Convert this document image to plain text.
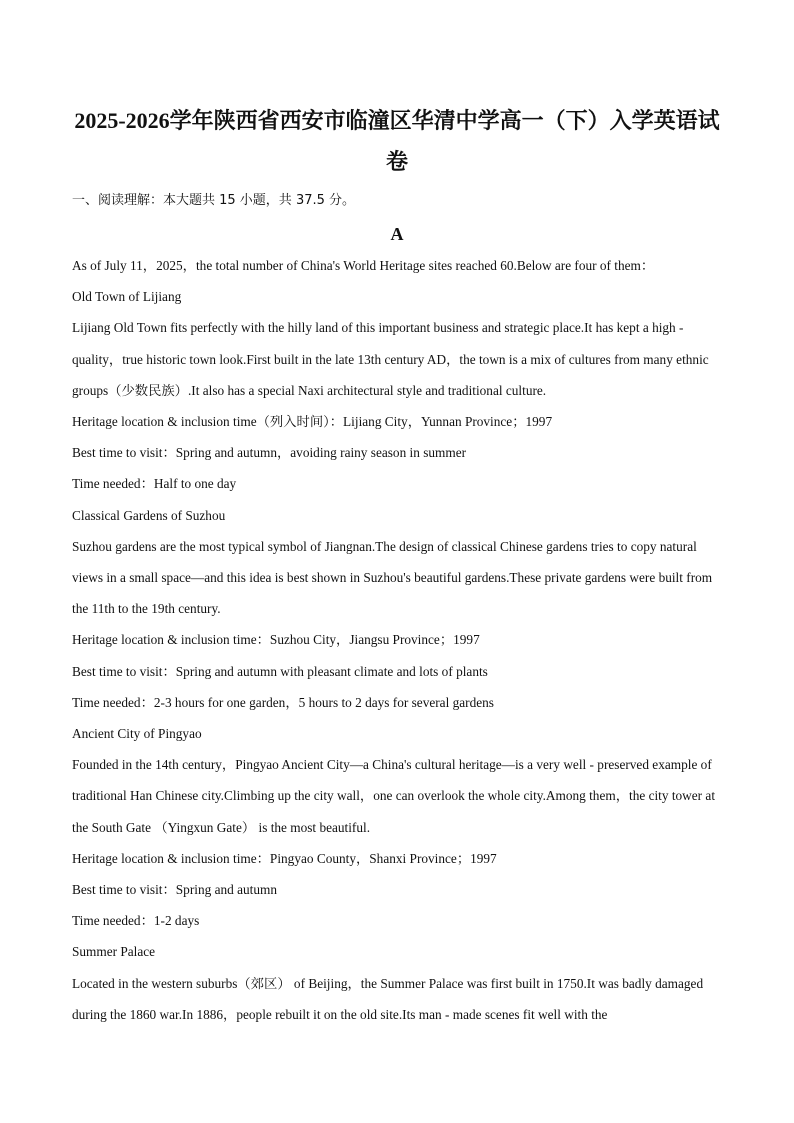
2025-2026学年陕西省西安市临潼区华清中学高一（下）入学英语试
卷
一、阅读理解：本大题共 15 小题，共 37.5 分。
A

As of July 11，2025，the total number of China's World Heritage sites reached 60.Below are four of them：

Old Town of Lijiang

Lijiang Old Town fits perfectly with the hilly land of this important business and strategic place.It has kept a high - quality，true historic town look.First built in the late 13th century AD，the town is a mix of cultures from many ethnic groups（少数民族）.It also has a special Naxi architectural style and traditional culture.

Heritage location & inclusion time（列入时间）：Lijiang City，Yunnan Province；1997

Best time to visit：Spring and autumn，avoiding rainy season in summer

Time needed：Half to one day

Classical Gardens of Suzhou

Suzhou gardens are the most typical symbol of Jiangnan.The design of classical Chinese gardens tries to copy natural views in a small space—and this idea is best shown in Suzhou's beautiful gardens.These private gardens were built from the 11th to the 19th century.

Heritage location & inclusion time：Suzhou City，Jiangsu Province；1997

Best time to visit：Spring and autumn with pleasant climate and lots of plants

Time needed：2-3 hours for one garden，5 hours to 2 days for several gardens

Ancient City of Pingyao

Founded in the 14th century，Pingyao Ancient City—a China's cultural heritage—is a very well - preserved example of traditional Han Chinese city.Climbing up the city wall，one can overlook the whole city.Among them，the city tower at the South Gate （Yingxun Gate） is the most beautiful.

Heritage location & inclusion time：Pingyao County，Shanxi Province；1997

Best time to visit：Spring and autumn

Time needed：1-2 days

Summer Palace

Located in the western suburbs（郊区） of Beijing，the Summer Palace was first built in 1750.It was badly damaged during the 1860 war.In 1886，people rebuilt it on the old site.Its man - made scenes fit well with the
